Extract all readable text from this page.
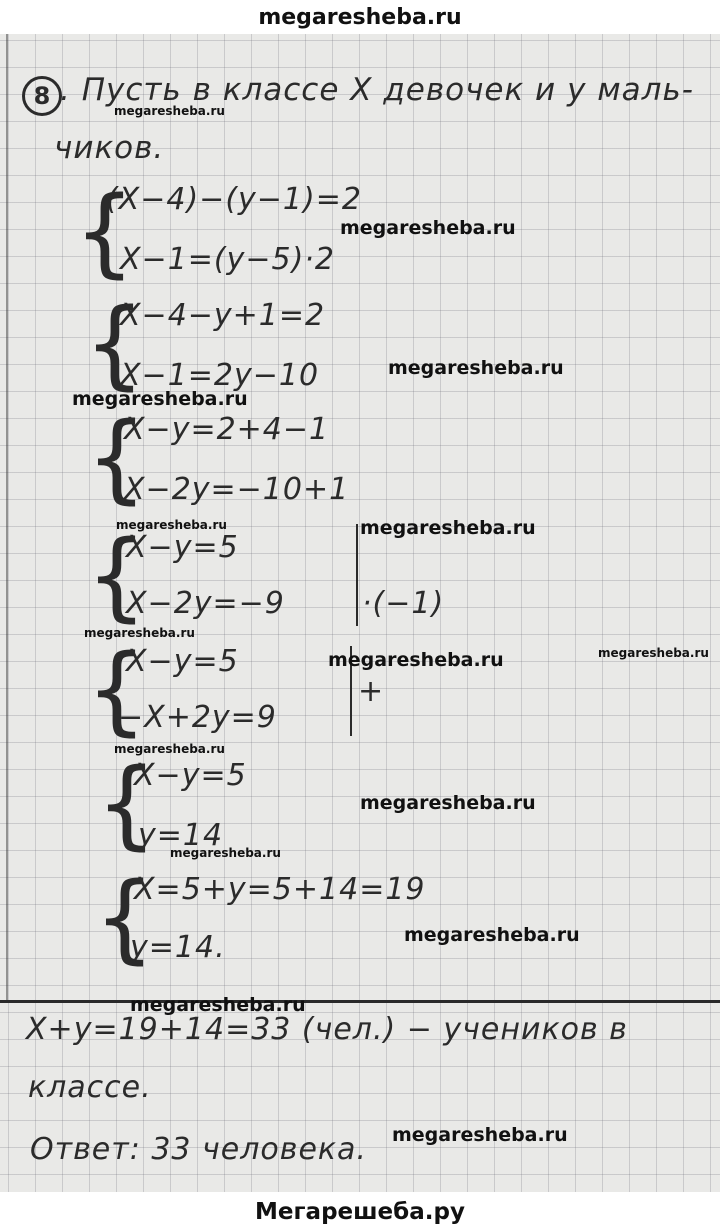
megaresheba.ru
8 . Пусть в классе X девочек и y маль-
чиков.
{
(X−4)−(y−1)=2
X−1=(y−5)·2
{
X−4−y+1=2
X−1=2y−10
{
X−y=2+4−1
X−2y=−10+1
{
X−y=5
X−2y=−9	·(−1)
{
X−y=5
−X+2y=9
+
{
X−y=5
y=14
{
X=5+y=5+14=19
y=14.
X+y=19+14=33 (чел.) − учеников в
классе.
Ответ: 33 человека.
megaresheba.ru
megaresheba.ru
megaresheba.ru
megaresheba.ru
megaresheba.ru	megaresheba.ru
megaresheba.ru
megaresheba.ru
megaresheba.ru
megaresheba.ru
megaresheba.ru
megaresheba.ru
megaresheba.ru
megaresheba.ru
megaresheba.ru
Мегарешеба.ру
